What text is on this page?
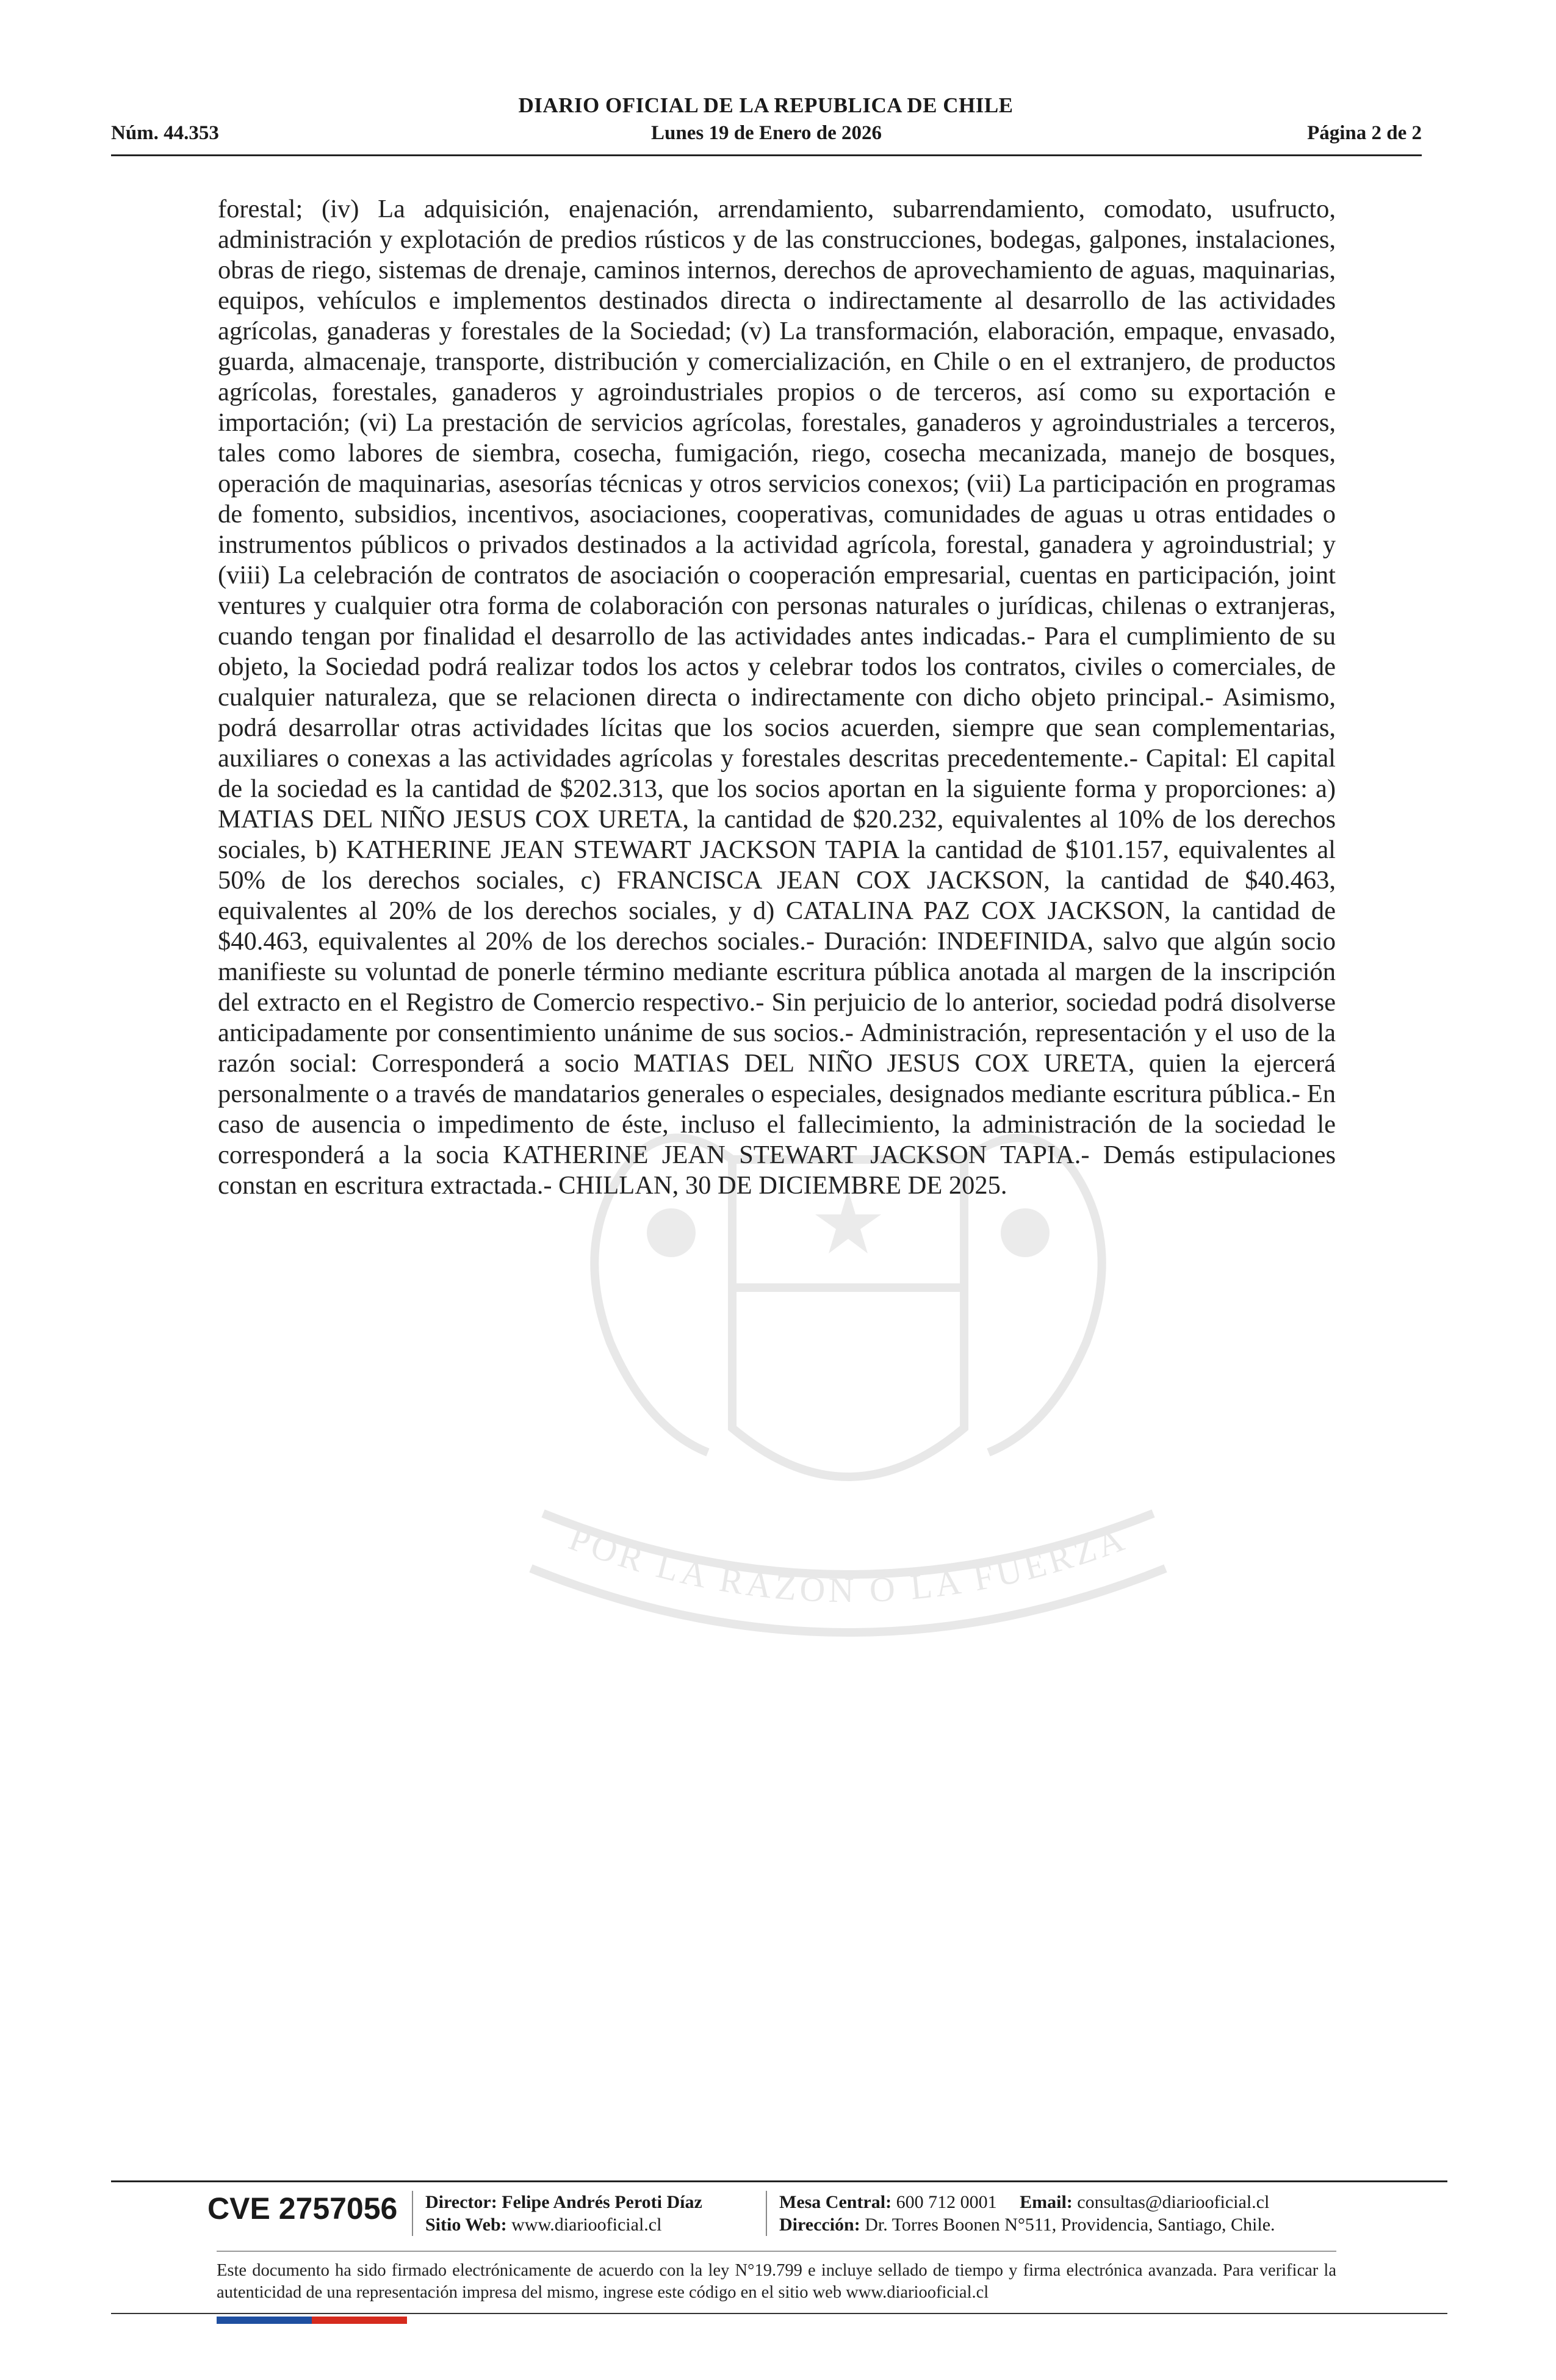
DIARIO OFICIAL DE LA REPUBLICA DE CHILE
Núm. 44.353	Lunes 19 de Enero de 2026	Página 2 de 2
POR LA RAZON O LA FUERZA
forestal; (iv) La adquisición, enajenación, arrendamiento, subarrendamiento, comodato, usufructo, administración y explotación de predios rústicos y de las construcciones, bodegas, galpones, instalaciones, obras de riego, sistemas de drenaje, caminos internos, derechos de aprovechamiento de aguas, maquinarias, equipos, vehículos e implementos destinados directa o indirectamente al desarrollo de las actividades agrícolas, ganaderas y forestales de la Sociedad; (v) La transformación, elaboración, empaque, envasado, guarda, almacenaje, transporte, distribución y comercialización, en Chile o en el extranjero, de productos agrícolas, forestales, ganaderos y agroindustriales propios o de terceros, así como su exportación e importación; (vi) La prestación de servicios agrícolas, forestales, ganaderos y agroindustriales a terceros, tales como labores de siembra, cosecha, fumigación, riego, cosecha mecanizada, manejo de bosques, operación de maquinarias, asesorías técnicas y otros servicios conexos; (vii) La participación en programas de fomento, subsidios, incentivos, asociaciones, cooperativas, comunidades de aguas u otras entidades o instrumentos públicos o privados destinados a la actividad agrícola, forestal, ganadera y agroindustrial; y (viii) La celebración de contratos de asociación o cooperación empresarial, cuentas en participación, joint ventures y cualquier otra forma de colaboración con personas naturales o jurídicas, chilenas o extranjeras, cuando tengan por finalidad el desarrollo de las actividades antes indicadas.- Para el cumplimiento de su objeto, la Sociedad podrá realizar todos los actos y celebrar todos los contratos, civiles o comerciales, de cualquier naturaleza, que se relacionen directa o indirectamente con dicho objeto principal.- Asimismo, podrá desarrollar otras actividades lícitas que los socios acuerden, siempre que sean complementarias, auxiliares o conexas a las actividades agrícolas y forestales descritas precedentemente.- Capital: El capital de la sociedad es la cantidad de $202.313, que los socios aportan en la siguiente forma y proporciones: a) MATIAS DEL NIÑO JESUS COX URETA, la cantidad de $20.232, equivalentes al 10% de los derechos sociales, b) KATHERINE JEAN STEWART JACKSON TAPIA la cantidad de $101.157, equivalentes al 50% de los derechos sociales, c) FRANCISCA JEAN COX JACKSON, la cantidad de $40.463, equivalentes al 20% de los derechos sociales, y d) CATALINA PAZ COX JACKSON, la cantidad de $40.463, equivalentes al 20% de los derechos sociales.- Duración: INDEFINIDA, salvo que algún socio manifieste su voluntad de ponerle término mediante escritura pública anotada al margen de la inscripción del extracto en el Registro de Comercio respectivo.- Sin perjuicio de lo anterior, sociedad podrá disolverse anticipadamente por consentimiento unánime de sus socios.- Administración, representación y el uso de la razón social: Corresponderá a socio MATIAS DEL NIÑO JESUS COX URETA, quien la ejercerá personalmente o a través de mandatarios generales o especiales, designados mediante escritura pública.- En caso de ausencia o impedimento de éste, incluso el fallecimiento, la administración de la sociedad le corresponderá a la socia KATHERINE JEAN STEWART JACKSON TAPIA.- Demás estipulaciones constan en escritura extractada.- CHILLAN, 30 DE DICIEMBRE DE 2025.
CVE 2757056 Director: Felipe Andrés Peroti Díaz
Sitio Web: www.diariooficial.cl
Mesa Central: 600 712 0001 Email: consultas@diariooficial.cl
Dirección: Dr. Torres Boonen N°511, Providencia, Santiago, Chile.
Este documento ha sido firmado electrónicamente de acuerdo con la ley N°19.799 e incluye sellado de tiempo y firma electrónica avanzada. Para verificar la autenticidad de una representación impresa del mismo, ingrese este código en el sitio web www.diariooficial.cl
